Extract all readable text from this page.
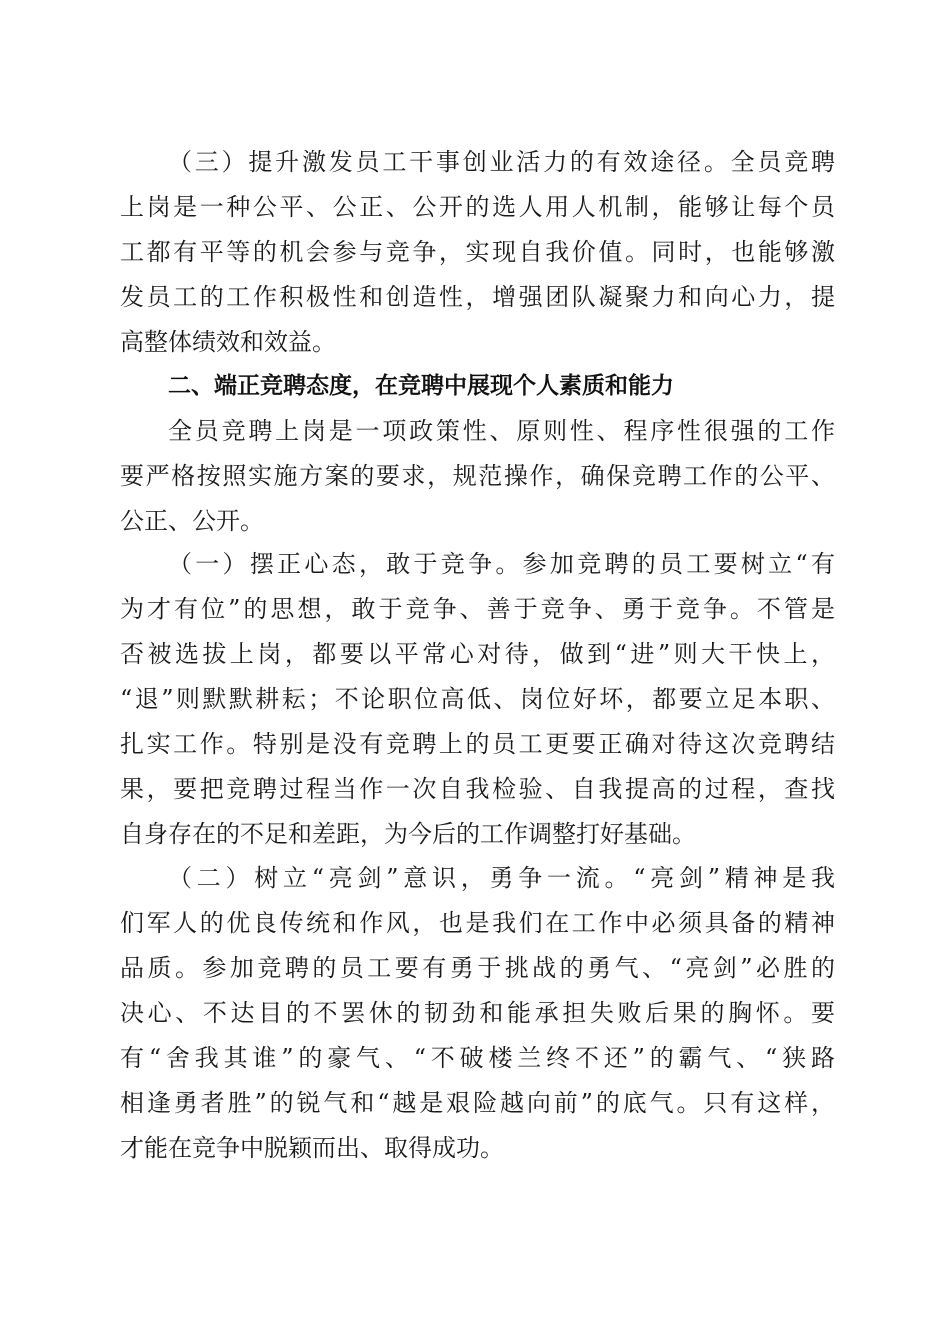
（三）提升激发员工干事创业活力的有效途径。全员竞聘
上岗是一种公平、公正、公开的选人用人机制，能够让每个员
工都有平等的机会参与竞争，实现自我价值。同时，也能够激
发员工的工作积极性和创造性，增强团队凝聚力和向心力，提
高整体绩效和效益。
二、端正竞聘态度，在竞聘中展现个人素质和能力
全员竞聘上岗是一项政策性、原则性、程序性很强的工作
要严格按照实施方案的要求，规范操作，确保竞聘工作的公平、
公正、公开。
（一）摆正心态，敢于竞争。参加竞聘的员工要树立“有
为才有位”的思想，敢于竞争、善于竞争、勇于竞争。不管是
否被选拔上岗，都要以平常心对待，做到“进”则大干快上，
“退”则默默耕耘；不论职位高低、岗位好坏，都要立足本职、
扎实工作。特别是没有竞聘上的员工更要正确对待这次竞聘结
果，要把竞聘过程当作一次自我检验、自我提高的过程，查找
自身存在的不足和差距，为今后的工作调整打好基础。
（二）树立“亮剑”意识，勇争一流。“亮剑”精神是我
们军人的优良传统和作风，也是我们在工作中必须具备的精神
品质。参加竞聘的员工要有勇于挑战的勇气、“亮剑”必胜的
决心、不达目的不罢休的韧劲和能承担失败后果的胸怀。要
有“舍我其谁”的豪气、“不破楼兰终不还”的霸气、“狭路
相逢勇者胜”的锐气和“越是艰险越向前”的底气。只有这样，
才能在竞争中脱颖而出、取得成功。
